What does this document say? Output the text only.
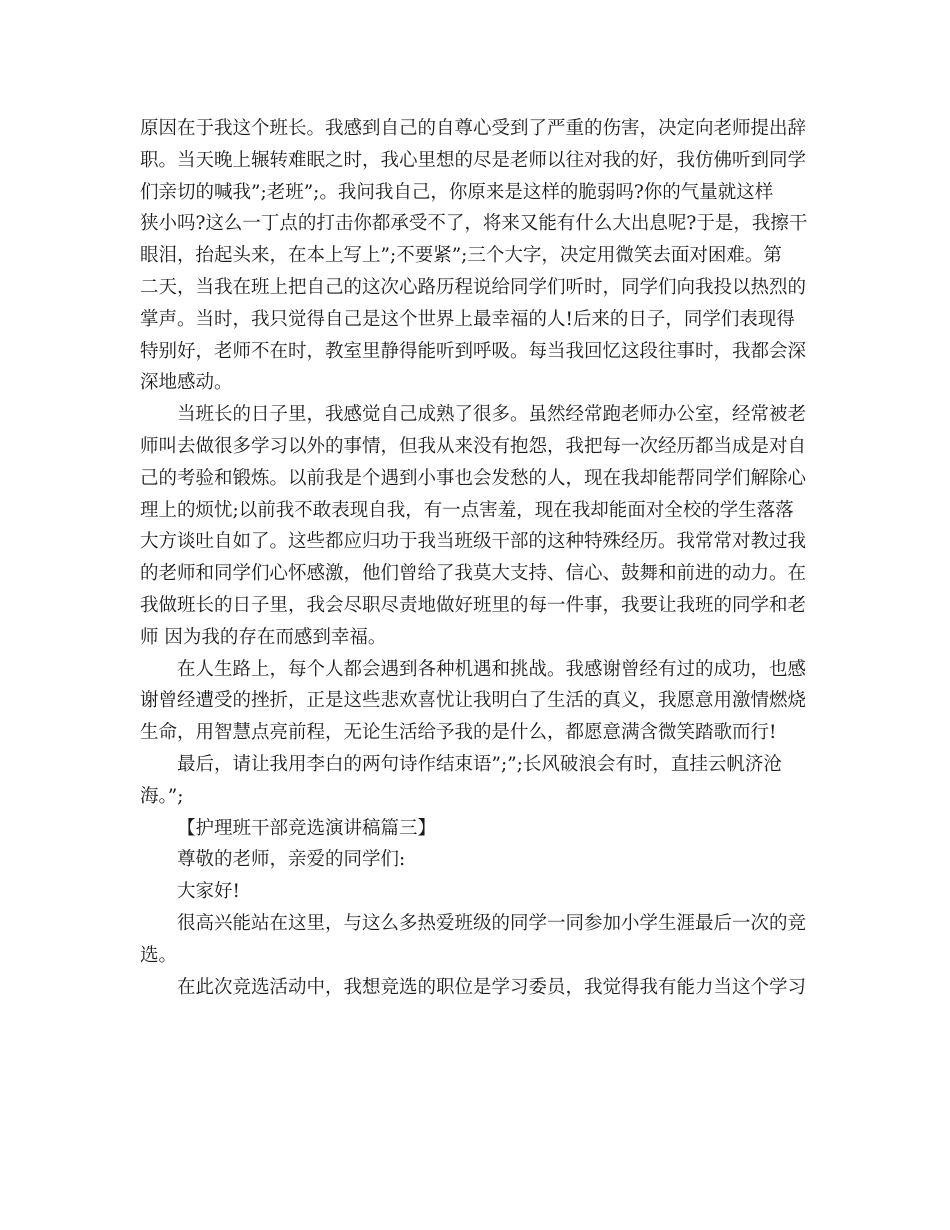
原因在于我这个班长。我感到自己的自尊心受到了严重的伤害，决定向老师提出辞
职。当天晚上辗转难眠之时，我心里想的尽是老师以往对我的好，我仿佛听到同学
们亲切的喊我”;老班”;。我问我自己，你原来是这样的脆弱吗?你的气量就这样
狭小吗?这么一丁点的打击你都承受不了，将来又能有什么大出息呢?于是，我擦干
眼泪，抬起头来，在本上写上”;不要紧”;三个大字，决定用微笑去面对困难。第
二天，当我在班上把自己的这次心路历程说给同学们听时，同学们向我投以热烈的
掌声。当时，我只觉得自己是这个世界上最幸福的人!后来的日子，同学们表现得
特别好，老师不在时，教室里静得能听到呼吸。每当我回忆这段往事时，我都会深
深地感动。
当班长的日子里，我感觉自己成熟了很多。虽然经常跑老师办公室，经常被老
师叫去做很多学习以外的事情，但我从来没有抱怨，我把每一次经历都当成是对自
己的考验和锻炼。以前我是个遇到小事也会发愁的人，现在我却能帮同学们解除心
理上的烦忧;以前我不敢表现自我，有一点害羞，现在我却能面对全校的学生落落
大方谈吐自如了。这些都应归功于我当班级干部的这种特殊经历。我常常对教过我
的老师和同学们心怀感激，他们曾给了我莫大支持、信心、鼓舞和前进的动力。在
我做班长的日子里，我会尽职尽责地做好班里的每一件事，我要让我班的同学和老
师 因为我的存在而感到幸福。
在人生路上，每个人都会遇到各种机遇和挑战。我感谢曾经有过的成功，也感
谢曾经遭受的挫折，正是这些悲欢喜忧让我明白了生活的真义，我愿意用激情燃烧
生命，用智慧点亮前程，无论生活给予我的是什么，都愿意满含微笑踏歌而行!
最后，请让我用李白的两句诗作结束语”;”;长风破浪会有时，直挂云帆济沧
海。”;
【护理班干部竞选演讲稿篇三】
尊敬的老师，亲爱的同学们:
大家好!
很高兴能站在这里，与这么多热爱班级的同学一同参加小学生涯最后一次的竞
选。
在此次竞选活动中，我想竞选的职位是学习委员，我觉得我有能力当这个学习
